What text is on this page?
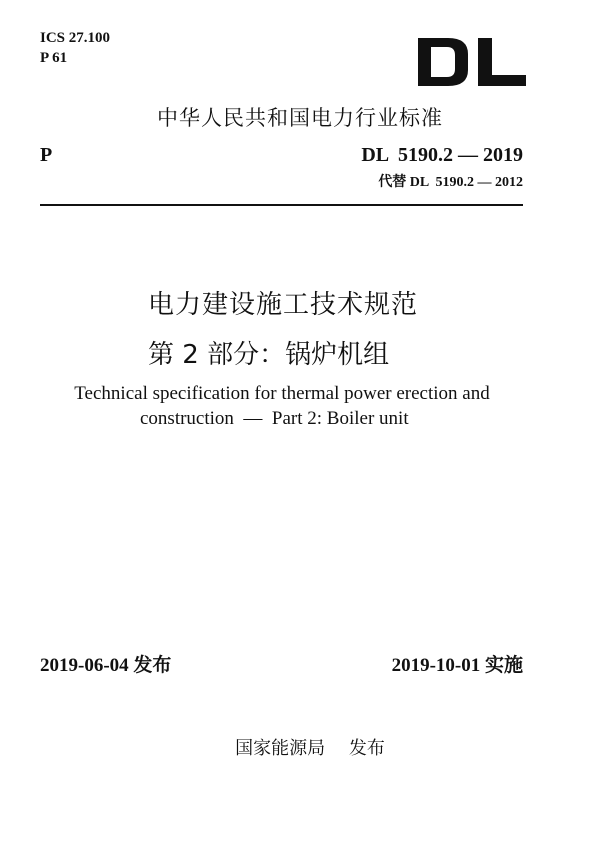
ICS 27.100
P 61
中华人民共和国电力行业标准
P	DL  5190.2 — 2019
代替 DL  5190.2 — 2012
电力建设施工技术规范
第 2 部分：锅炉机组
Technical specification for thermal power erection and
construction  —  Part 2: Boiler unit
2019-06-04 发布	2019-10-01 实施
国家能源局　 发布
